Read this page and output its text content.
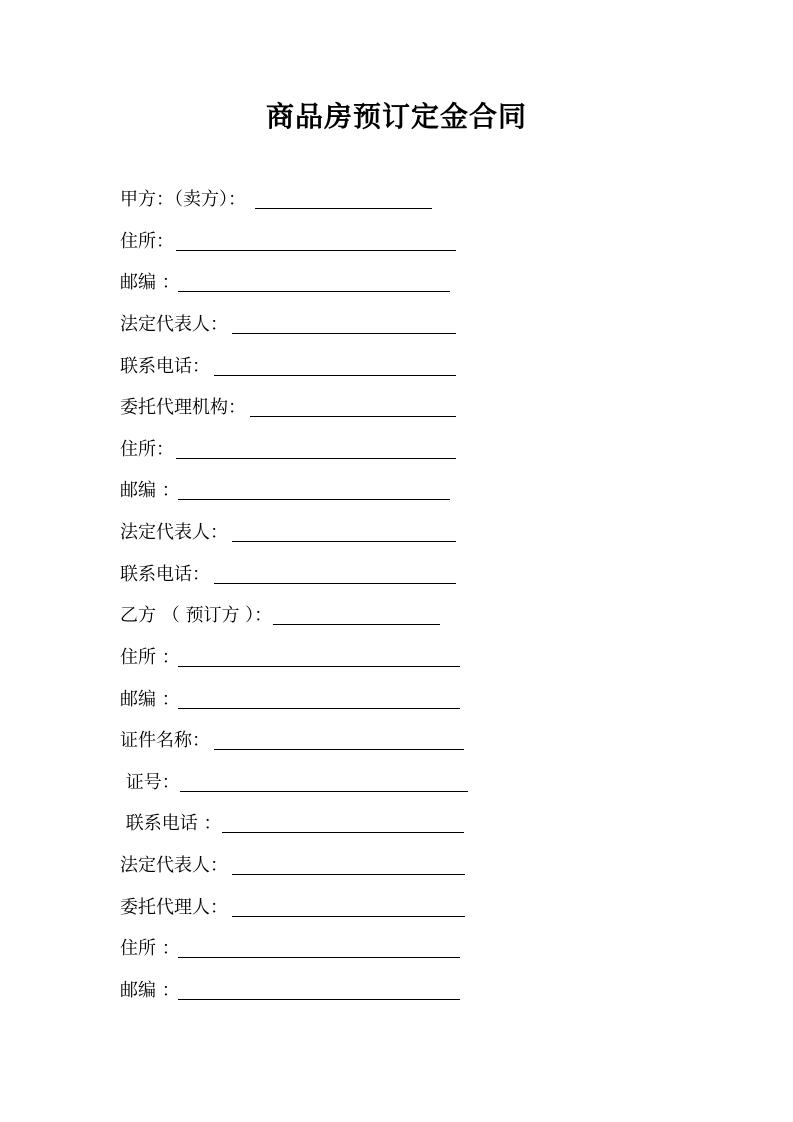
商品房预订定金合同
甲方：（卖方）：
住所：
邮编 ：
法定代表人：
联系电话：
委托代理机构：
住所：
邮编 ：
法定代表人：
联系电话：
乙方 （ 预订方 ）：
住所 ：
邮编 ：
证件名称：
证号：
联系电话 ：
法定代表人：
委托代理人：
住所 ：
邮编 ：
